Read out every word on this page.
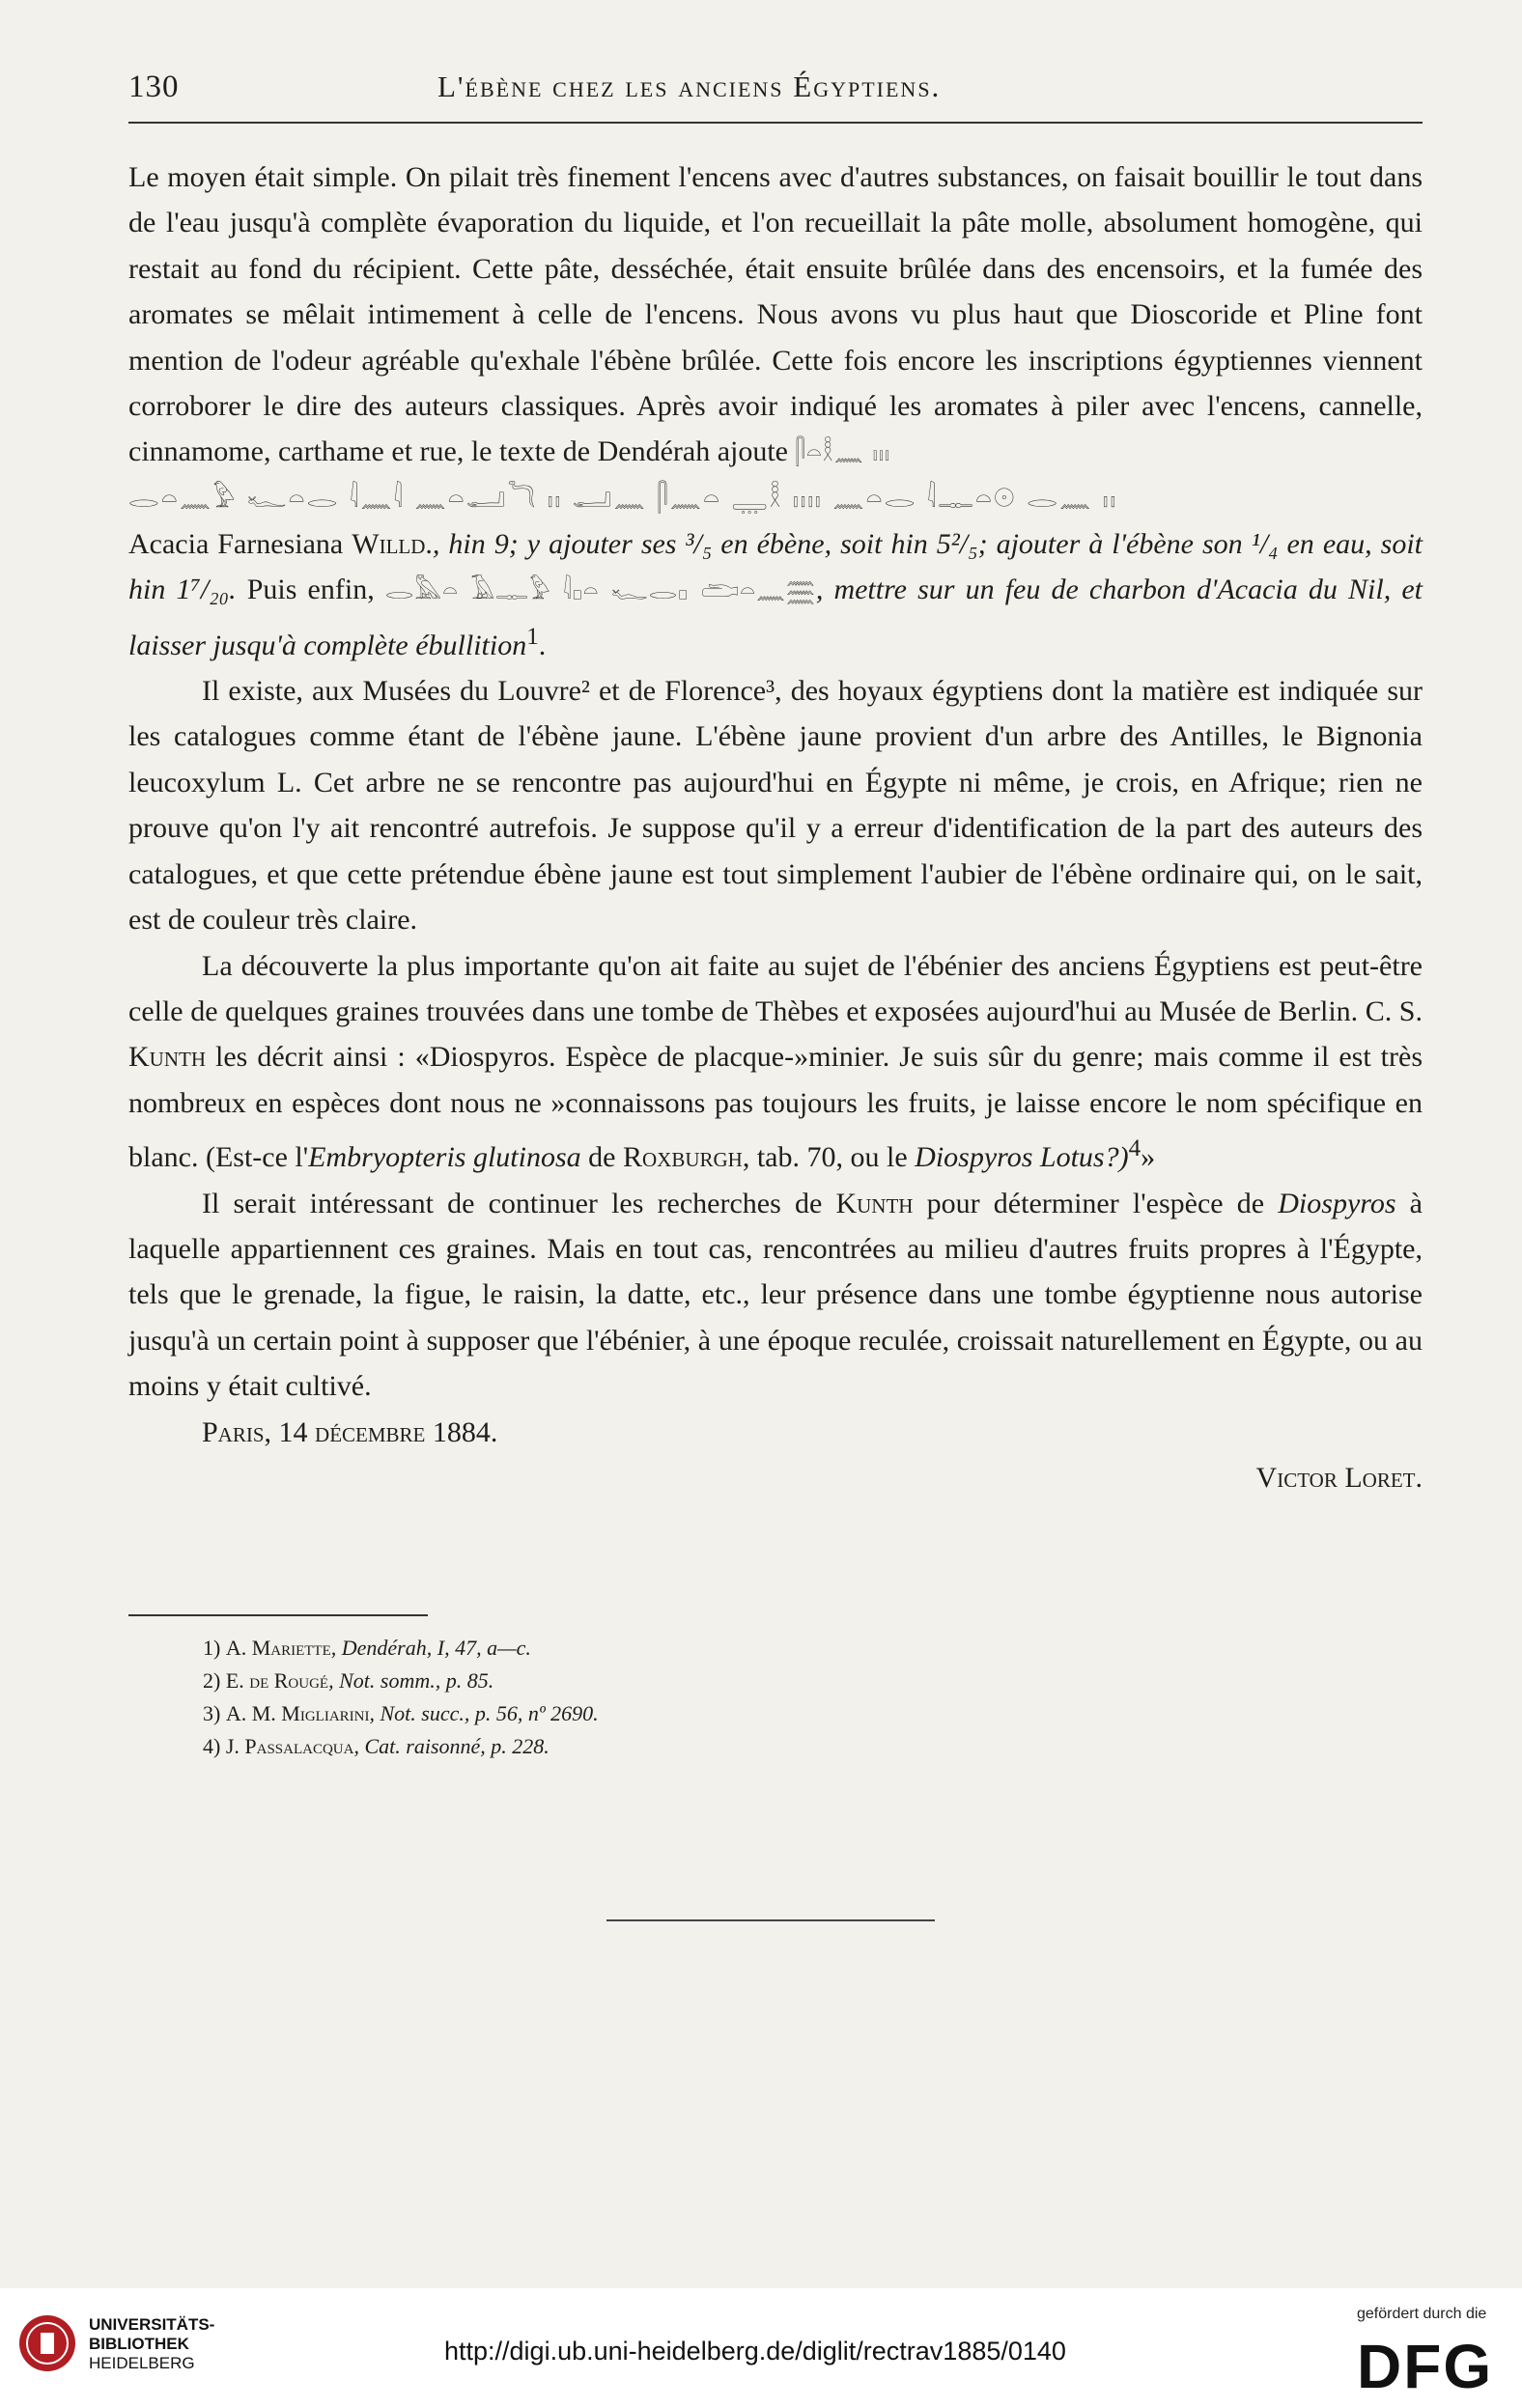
130	L'ébène chez les anciens Égyptiens.

Le moyen était simple. On pilait très finement l'encens avec d'autres substances, on faisait bouillir le tout dans de l'eau jusqu'à complète évaporation du liquide, et l'on recueillait la pâte molle, absolument homogène, qui restait au fond du récipient. Cette pâte, desséchée, était ensuite brûlée dans des encensoirs, et la fumée des aromates se mêlait intimement à celle de l'encens. Nous avons vu plus haut que Dioscoride et Pline font mention de l'odeur agréable qu'exhale l'ébène brûlée. Cette fois encore les inscriptions égyptiennes viennent corroborer le dire des auteurs classiques. Après avoir indiqué les aromates à piler avec l'encens, cannelle, cinnamome, carthame et rue, le texte de Dendérah ajoute 𓋴𓏏𓎛𓈖 𓏤𓏤𓏤
𓂋𓏏𓈖𓅱 𓆑𓏏𓂋 𓇋𓈖𓇋 𓈖𓏏𓂝𓆓 𓏤𓏤 𓂝𓈖 𓋴𓈖𓏏 𓇾𓎛 𓏤𓏤𓏤𓏤 𓈖𓏏𓂋 𓇋𓊃𓏏𓇳 𓂋𓈖 𓏤𓏤
Acacia Farnesiana Willd., hin 9; y ajouter ses ³/₅ en ébène, soit hin 5²/₅; ajouter à l'ébène son ¹/₄ en eau, soit hin 1⁷/₂₀. Puis enfin, 𓂋𓅓𓏏 𓄿𓊃𓅱 𓇋𓊪𓏏 𓆑𓂋𓊪 𓂧𓏏𓈖𓈗, mettre sur un feu de charbon d'Acacia du Nil, et laisser jusqu'à complète ébullition$^1$.

Il existe, aux Musées du Louvre² et de Florence³, des hoyaux égyptiens dont la matière est indiquée sur les catalogues comme étant de l'ébène jaune. L'ébène jaune provient d'un arbre des Antilles, le Bignonia leucoxylum L. Cet arbre ne se rencontre pas aujourd'hui en Égypte ni même, je crois, en Afrique; rien ne prouve qu'on l'y ait rencontré autrefois. Je suppose qu'il y a erreur d'identification de la part des auteurs des catalogues, et que cette prétendue ébène jaune est tout simplement l'aubier de l'ébène ordinaire qui, on le sait, est de couleur très claire.

La découverte la plus importante qu'on ait faite au sujet de l'ébénier des anciens Égyptiens est peut-être celle de quelques graines trouvées dans une tombe de Thèbes et exposées aujourd'hui au Musée de Berlin. C. S. Kunth les décrit ainsi : «Diospyros. Espèce de placque-»minier. Je suis sûr du genre; mais comme il est très nombreux en espèces dont nous ne »connaissons pas toujours les fruits, je laisse encore le nom spécifique en blanc. (Est-ce l'Embryopteris glutinosa de Roxburgh, tab. 70, ou le Diospyros Lotus?)$^4$»

Il serait intéressant de continuer les recherches de Kunth pour déterminer l'espèce de Diospyros à laquelle appartiennent ces graines. Mais en tout cas, rencontrées au milieu d'autres fruits propres à l'Égypte, tels que le grenade, la figue, le raisin, la datte, etc., leur présence dans une tombe égyptienne nous autorise jusqu'à un certain point à supposer que l'ébénier, à une époque reculée, croissait naturellement en Égypte, ou au moins y était cultivé.

Paris, 14 décembre 1884.
Victor Loret.
1) A. Mariette, Dendérah, I, 47, a—c.
2) E. de Rougé, Not. somm., p. 85.
3) A. M. Migliarini, Not. succ., p. 56, nº 2690.
4) J. Passalacqua, Cat. raisonné, p. 228.
UNIVERSITÄTS-
BIBLIOTHEK
HEIDELBERG	http://digi.ub.uni-heidelberg.de/diglit/rectrav1885/0140
gefördert durch die
DFG
